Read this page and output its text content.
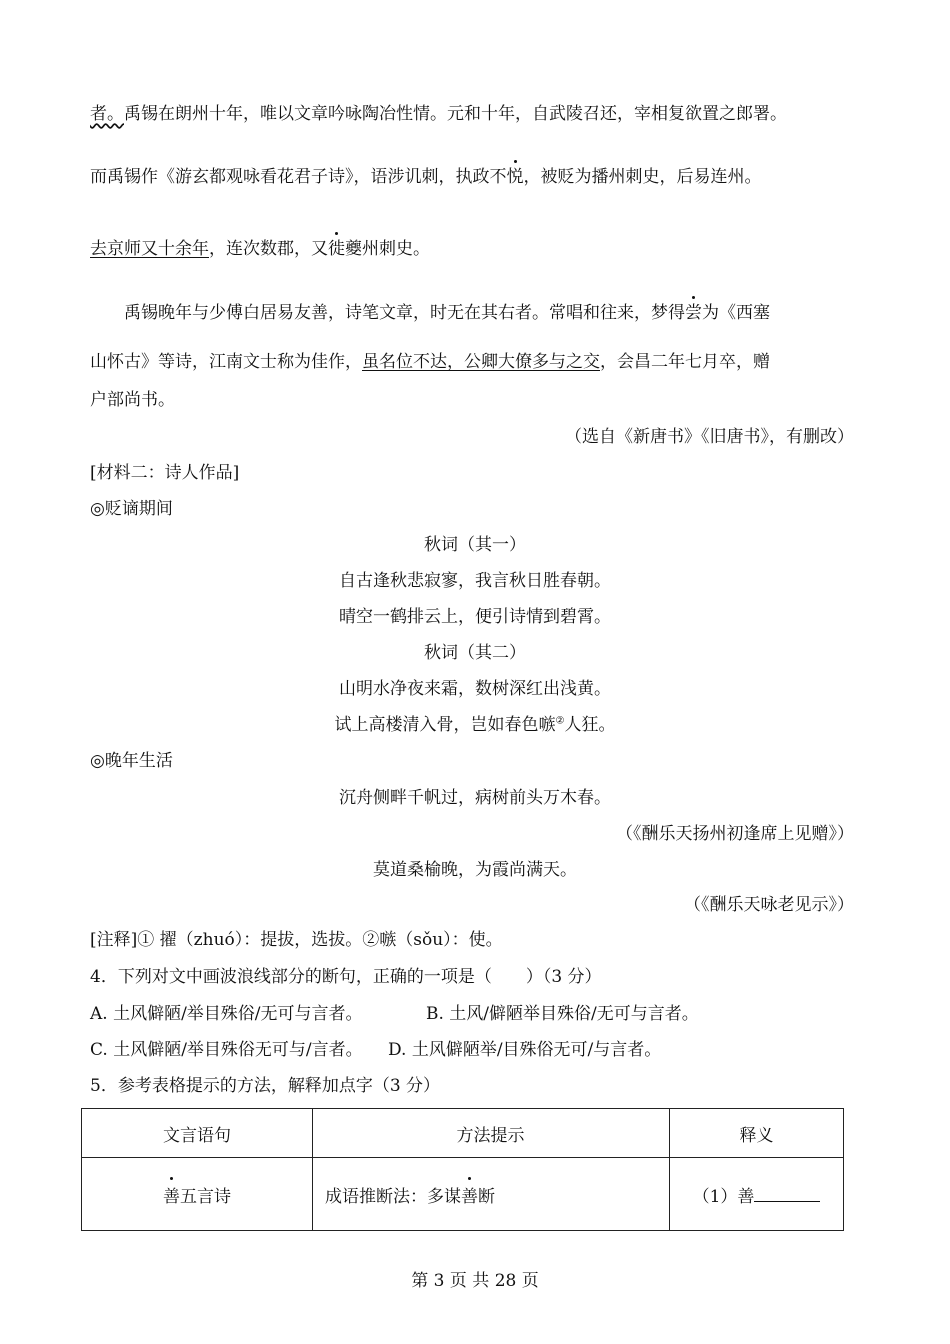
者。禹锡在朗州十年，唯以文章吟咏陶冶性情。元和十年，自武陵召还，宰相复欲置之郎署。
而禹锡作《游玄都观咏看花君子诗》，语涉讥刺，执政不悦，被贬为播州刺史，后易连州。
去京师又十余年，连次数郡，又徙夔州刺史。
禹锡晚年与少傅白居易友善，诗笔文章，时无在其右者。常唱和往来，梦得尝为《西塞
山怀古》等诗，江南文士称为佳作，虽名位不达，公卿大僚多与之交，会昌二年七月卒，赠
户部尚书。
（选自《新唐书》《旧唐书》，有删改）
[材料二：诗人作品]
◎贬谪期间
秋词（其一）
自古逢秋悲寂寥，我言秋日胜春朝。
晴空一鹤排云上，便引诗情到碧霄。
秋词（其二）
山明水净夜来霜，数树深红出浅黄。
试上高楼清入骨，岂如春色嗾②人狂。
◎晚年生活
沉舟侧畔千帆过，病树前头万木春。
（《酬乐天扬州初逢席上见赠》）
莫道桑榆晚，为霞尚满天。
（《酬乐天咏老见示》）
[注释]① 擢（zhuó）：提拔，选拔。②嗾（sǒu）：使。
4．下列对文中画波浪线部分的断句，正确的一项是（　　）（3 分）
A. 土风僻陋/举目殊俗/无可与言者。	B. 土风/僻陋举目殊俗/无可与言者。
C. 土风僻陋/举目殊俗无可与/言者。 D. 土风僻陋举/目殊俗无可/与言者。
5．参考表格提示的方法，解释加点字（3 分）
文言语句	方法提示	释义
善五言诗	成语推断法：多谋善断	（1）善
第 3 页 共 28 页
